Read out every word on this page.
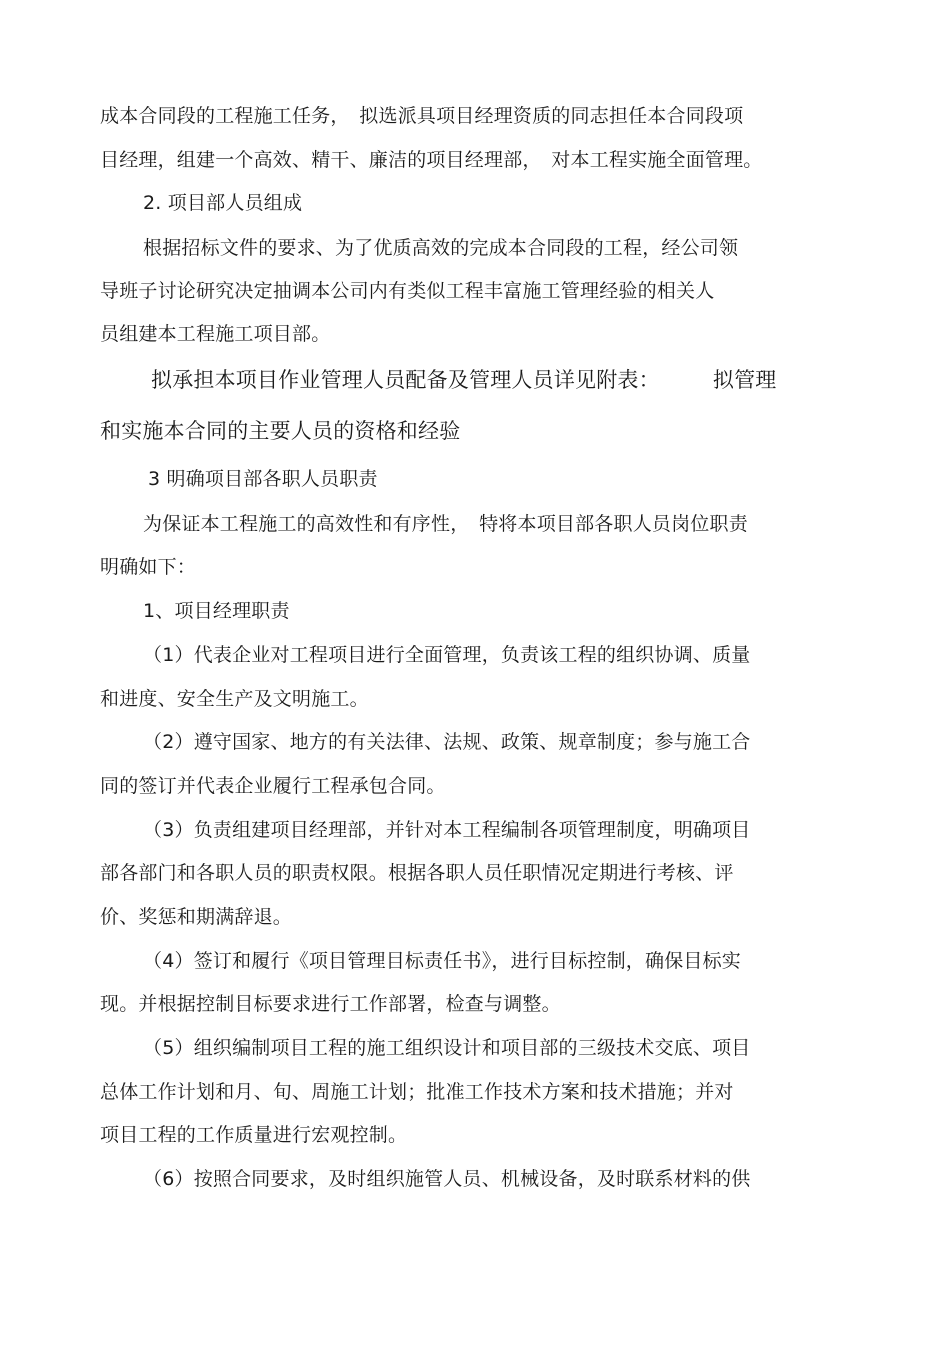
成本合同段的工程施工任务，　拟选派具项目经理资质的同志担任本合同段项
目经理，组建一个高效、精干、廉洁的项目经理部，　对本工程实施全面管理。
2. 项目部人员组成
根据招标文件的要求、为了优质高效的完成本合同段的工程，经公司领
导班子讨论研究决定抽调本公司内有类似工程丰富施工管理经验的相关人
员组建本工程施工项目部。
拟承担本项目作业管理人员配备及管理人员详见附表：　　　拟管理
和实施本合同的主要人员的资格和经验
3 明确项目部各职人员职责
为保证本工程施工的高效性和有序性，　特将本项目部各职人员岗位职责
明确如下：
1、项目经理职责
（1）代表企业对工程项目进行全面管理，负责该工程的组织协调、质量
和进度、安全生产及文明施工。
（2）遵守国家、地方的有关法律、法规、政策、规章制度；参与施工合
同的签订并代表企业履行工程承包合同。
（3）负责组建项目经理部，并针对本工程编制各项管理制度，明确项目
部各部门和各职人员的职责权限。根据各职人员任职情况定期进行考核、评
价、奖惩和期满辞退。
（4）签订和履行《项目管理目标责任书》，进行目标控制，确保目标实
现。并根据控制目标要求进行工作部署，检查与调整。
（5）组织编制项目工程的施工组织设计和项目部的三级技术交底、项目
总体工作计划和月、旬、周施工计划；批准工作技术方案和技术措施；并对
项目工程的工作质量进行宏观控制。
（6）按照合同要求，及时组织施管人员、机械设备，及时联系材料的供
